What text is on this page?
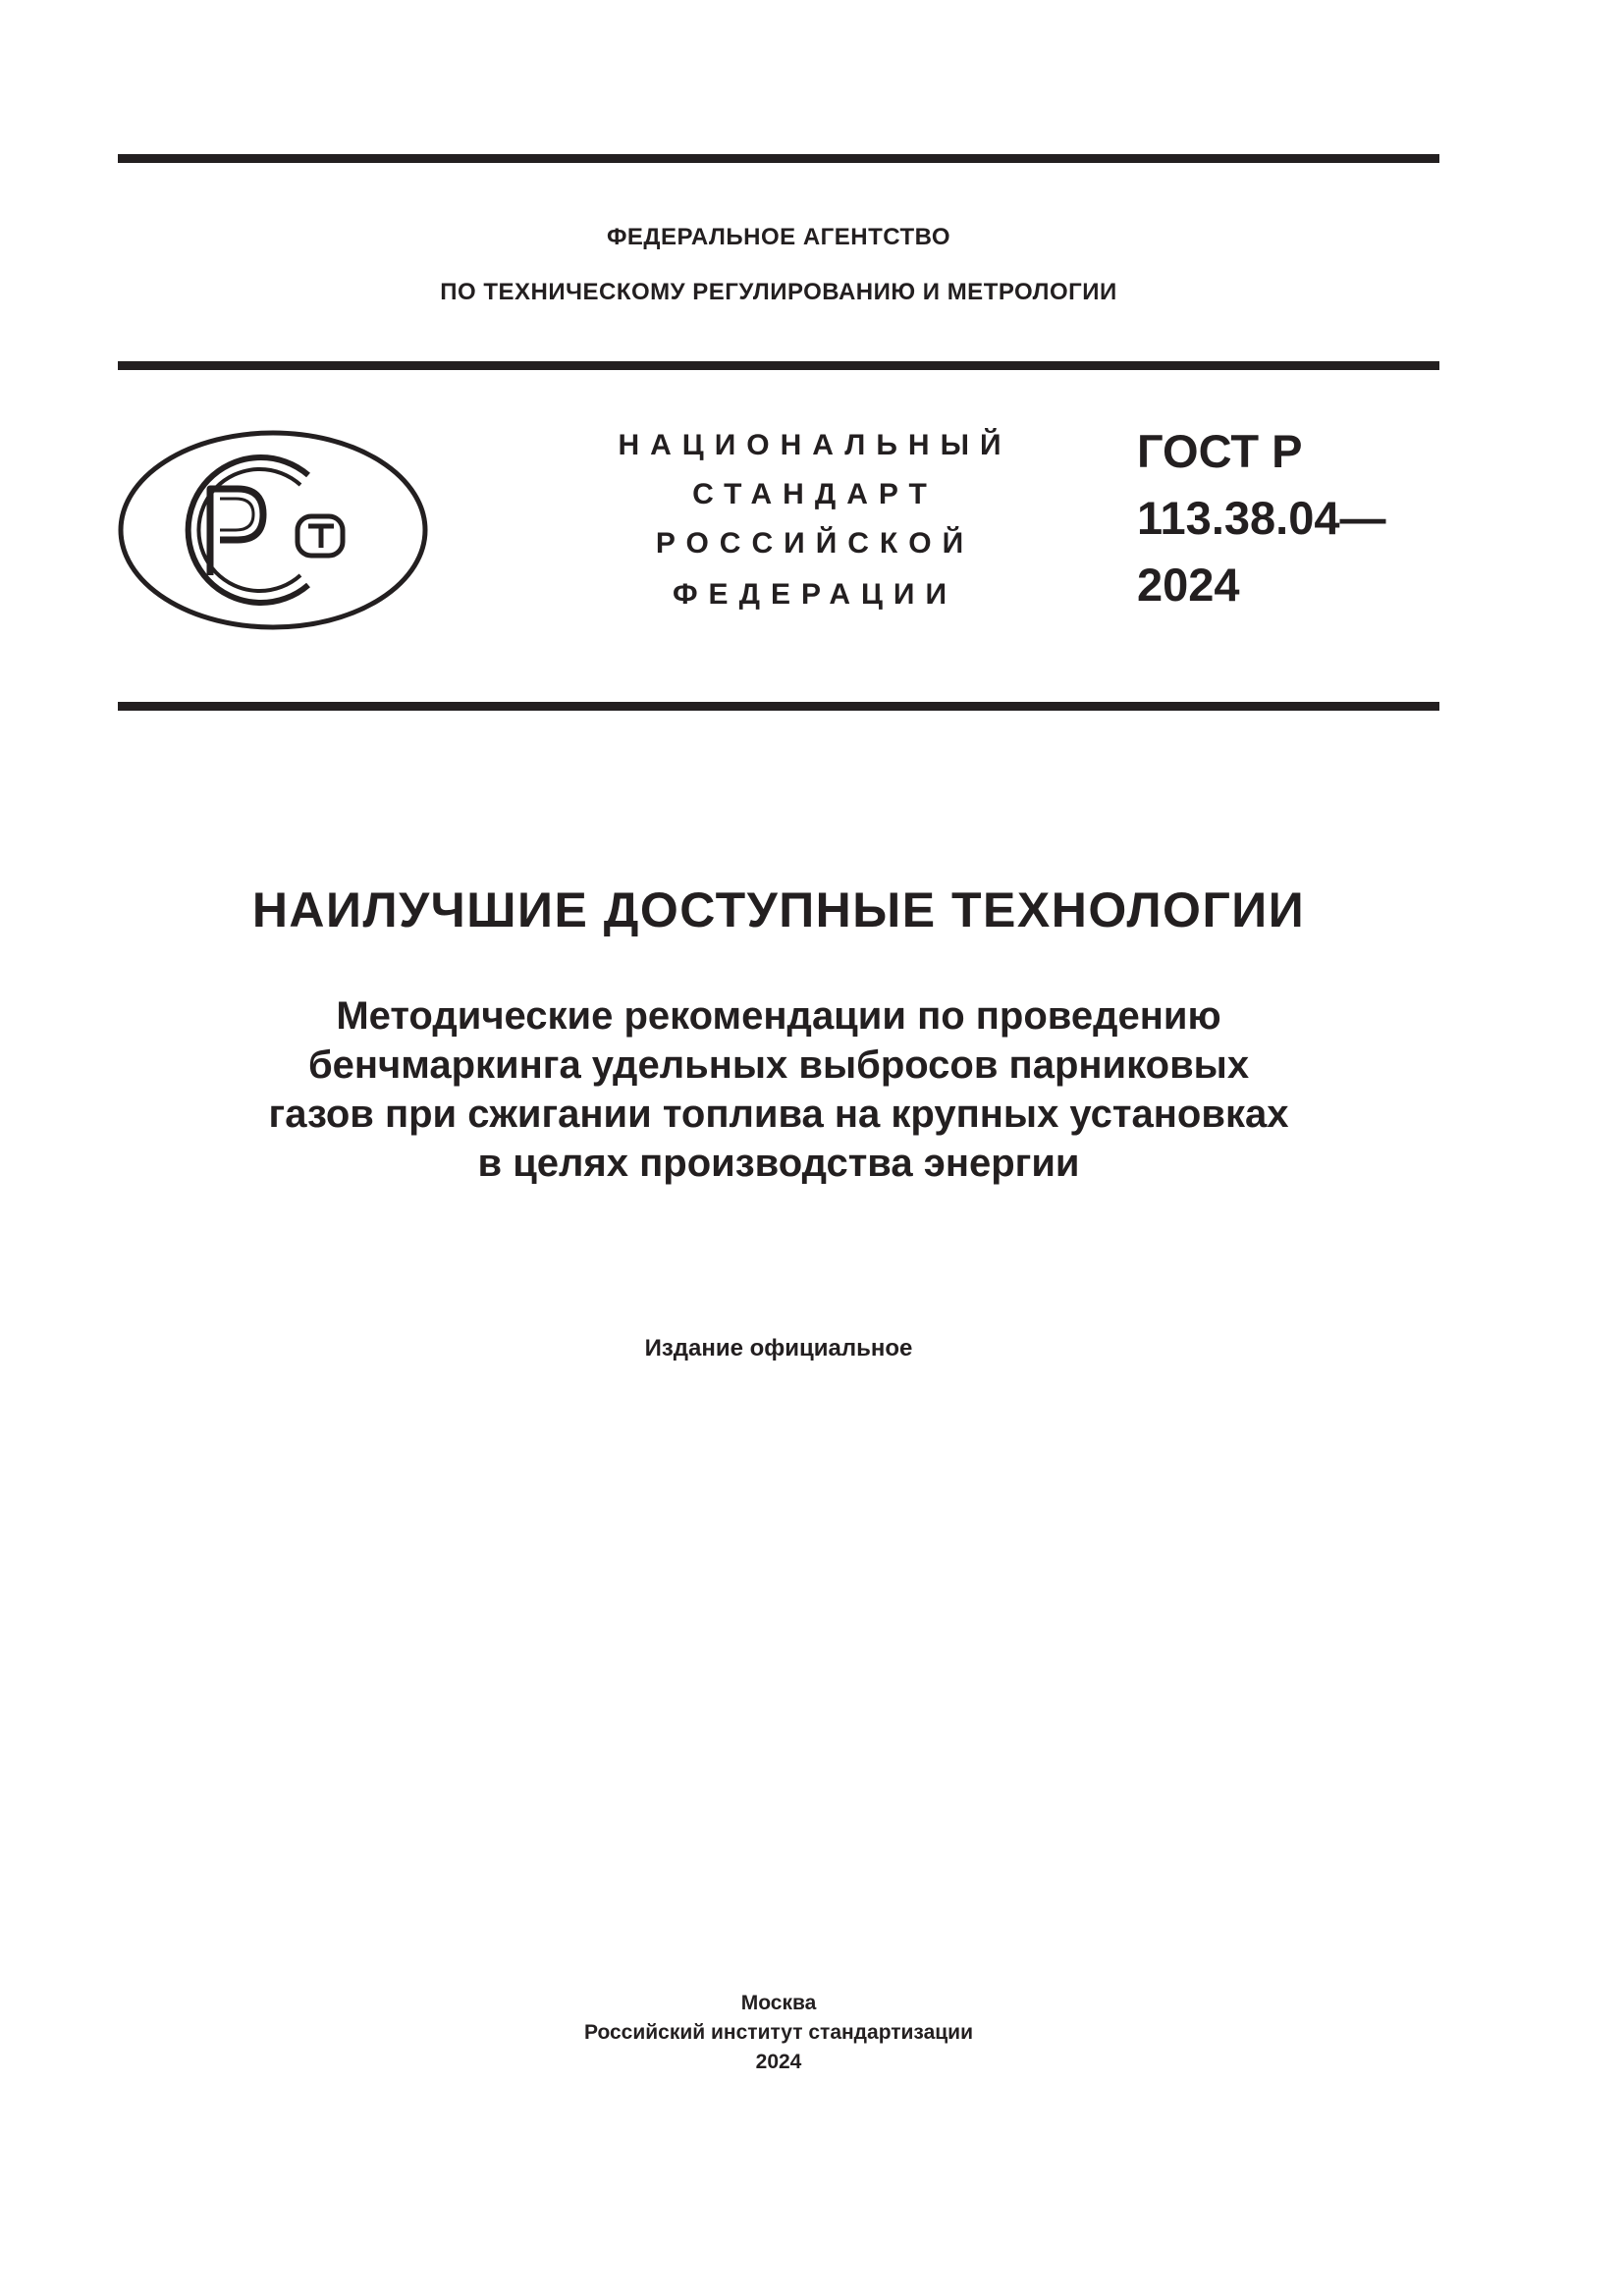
ФЕДЕРАЛЬНОЕ АГЕНТСТВО
ПО ТЕХНИЧЕСКОМУ РЕГУЛИРОВАНИЮ И МЕТРОЛОГИИ
НАЦИОНАЛЬНЫЙ
СТАНДАРТ
РОССИЙСКОЙ
ФЕДЕРАЦИИ
ГОСТ Р
113.38.04—
2024
НАИЛУЧШИЕ ДОСТУПНЫЕ ТЕХНОЛОГИИ
Методические рекомендации по проведению
бенчмаркинга удельных выбросов парниковых
газов при сжигании топлива на крупных установках
в целях производства энергии
Издание официальное
Москва
Российский институт стандартизации
2024
